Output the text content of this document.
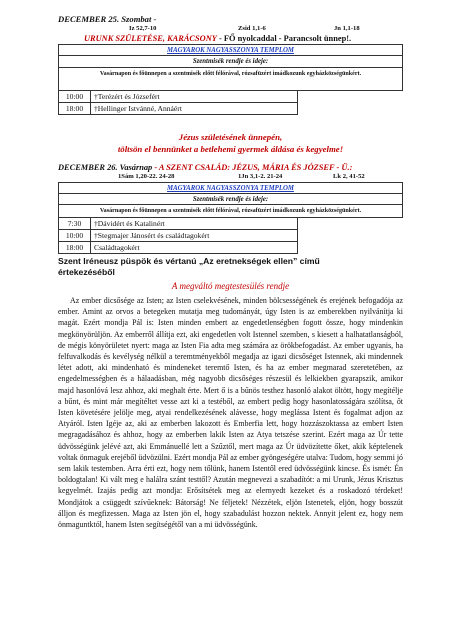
DECEMBER 25. Szombat -
Iz 52,7-10	Zsid 1,1-6	Jn 1,1-18
URUNK SZÜLETÉSE, KARÁCSONY - FŐ nyolcaddal - Parancsolt ünnep!.
MAGYAROK NAGYASSZONYA TEMPLOM
Szentmisék rendje és ideje:
Vasárnapon és főünnepen a szentmisék előtt félórával, rózsafüzért imádkozunk egyházközségünkért.
10:00	†Terézért és Józsefért
18:00	†Hellinger Istvánné, Annáért
Jézus születésének ünnepén,
töltsön el bennünket a betlehemi gyermek áldása és kegyelme!
DECEMBER 26. Vasárnap - A SZENT CSALÁD: JÉZUS, MÁRIA ÉS JÓZSEF - Ü.:
1Sám 1,20-22. 24-28	1Jn 3,1-2. 21-24	Lk 2, 41-52
MAGYAROK NAGYASSZONYA TEMPLOM
Szentmisék rendje és ideje:
Vasárnapon és főünnepen a szentmisék előtt félórával, rózsafüzért imádkozunk egyházközségünkért.
7:30	†Dávidért és Katalinért
10:00	†Stegmajer Jánosért és családtagokért
18:00	Családtagokért
Szent Iréneusz püspök és vértanú „Az eretnekségek ellen” című értekezéséből
A megváltó megtestesülés rendje
Az ember dicsősége az Isten; az Isten cselekvésének, minden bölcsességének és erejének befogadója az ember. Amint az orvos a betegeken mutatja meg tudományát, úgy Isten is az emberekben nyilvánítja ki magát. Ezért mondja Pál is: Isten minden embert az engedetlenségben fogott össze, hogy mindenkin megkönyörüljön. Az emberről állítja ezt, aki engedetlen volt Istennel szemben, s kiesett a halhatatlanságból, de mégis könyörületet nyert: maga az Isten Fia adta meg számára az örökbefogadást. Az ember ugyanis, ha felfuvalkodás és kevélység nélkül a teremtményekből megadja az igazi dicsőséget Istennek, aki mindennek létet adott, aki mindenható és mindeneket teremtő Isten, és ha az ember megmarad szeretetében, az engedelmességben és a hálaadásban, még nagyobb dicsőséges részesül és lelkiekben gyarapszik, amikor majd hasonlóvá lesz ahhoz, aki meghalt érte. Mert ő is a bűnös testhez hasonló alakot öltött, hogy megítélje a bűnt, és mint már megítéltet vesse azt ki a testéből, az embert pedig hogy hasonlatosságára szólítsa, őt Isten követésére jelölje meg, atyai rendelkezésének alávesse, hogy meglássa Istent és fogalmat adjon az Atyáról. Isten Igéje az, aki az emberben lakozott és Emberfia lett, hogy hozzászoktassa az embert Isten megragadásához és ahhoz, hogy az emberben lakik Isten az Atya tetszése szerint. Ezért maga az Úr tette üdvösségünk jelévé azt, aki Emmánuellé lett a Szűztől, mert maga az Úr üdvözítette őket, akik képtelenek voltak önmaguk erejéből üdvözülni. Ezért mondja Pál az ember gyöngeségére utalva: Tudom, hogy semmi jó sem lakik testemben. Arra érti ezt, hogy nem tőlünk, hanem Istentől ered üdvösségünk kincse. És ismét: Én boldogtalan! Ki vált meg e halálra szánt testtől? Azután megnevezi a szabadítót: a mi Urunk, Jézus Krisztus kegyelmét. Izajás pedig azt mondja: Erősítsétek meg az elernyedt kezeket és a roskadozó térdeket! Mondjátok a csüggedt szívűeknek: Bátorság! Ne féljetek! Nézzétek, eljön Istenetek, eljön, hogy bosszút álljon és megfizessen. Maga az Isten jön el, hogy szabadulást hozzon nektek. Annyit jelent ez, hogy nem önmaguntktól, hanem Isten segítségétől van a mi üdvösségünk.
